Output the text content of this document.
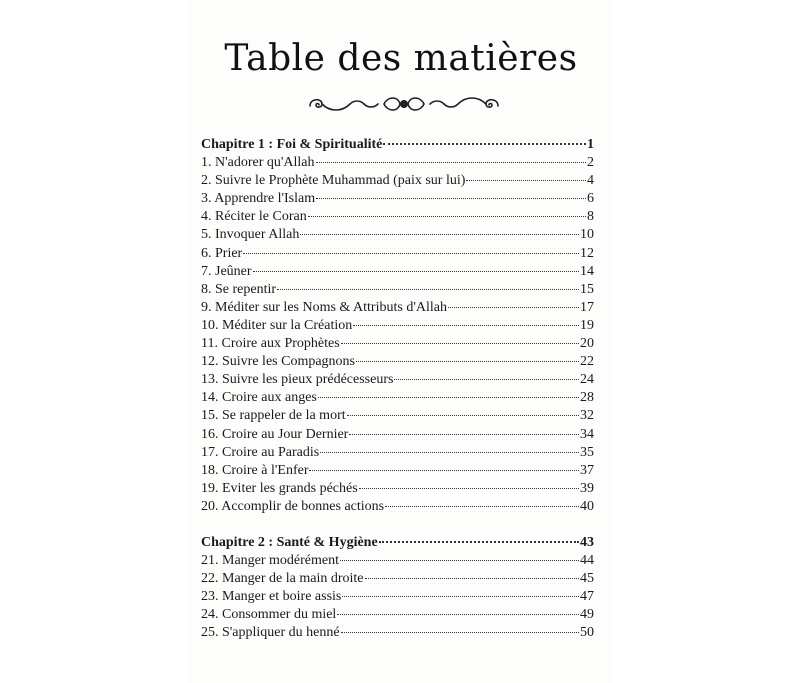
Table des matières
Chapitre 1 : Foi & Spiritualité	1
1. N'adorer qu'Allah	2
2. Suivre le Prophète Muhammad (paix sur lui)	4
3. Apprendre l'Islam	6
4. Réciter le Coran	8
5. Invoquer Allah	10
6. Prier	12
7. Jeûner	14
8. Se repentir	15
9. Méditer sur les Noms & Attributs d'Allah	17
10. Méditer sur la Création	19
11. Croire aux Prophètes	20
12. Suivre les Compagnons	22
13. Suivre les pieux prédécesseurs	24
14. Croire aux anges	28
15. Se rappeler de la mort	32
16. Croire au Jour Dernier	34
17. Croire au Paradis	35
18. Croire à l'Enfer	37
19. Eviter les grands péchés	39
20. Accomplir de bonnes actions	40
Chapitre 2 : Santé & Hygiène	43
21. Manger modérément	44
22. Manger de la main droite	45
23. Manger et boire assis	47
24. Consommer du miel	49
25. S'appliquer du henné	50
